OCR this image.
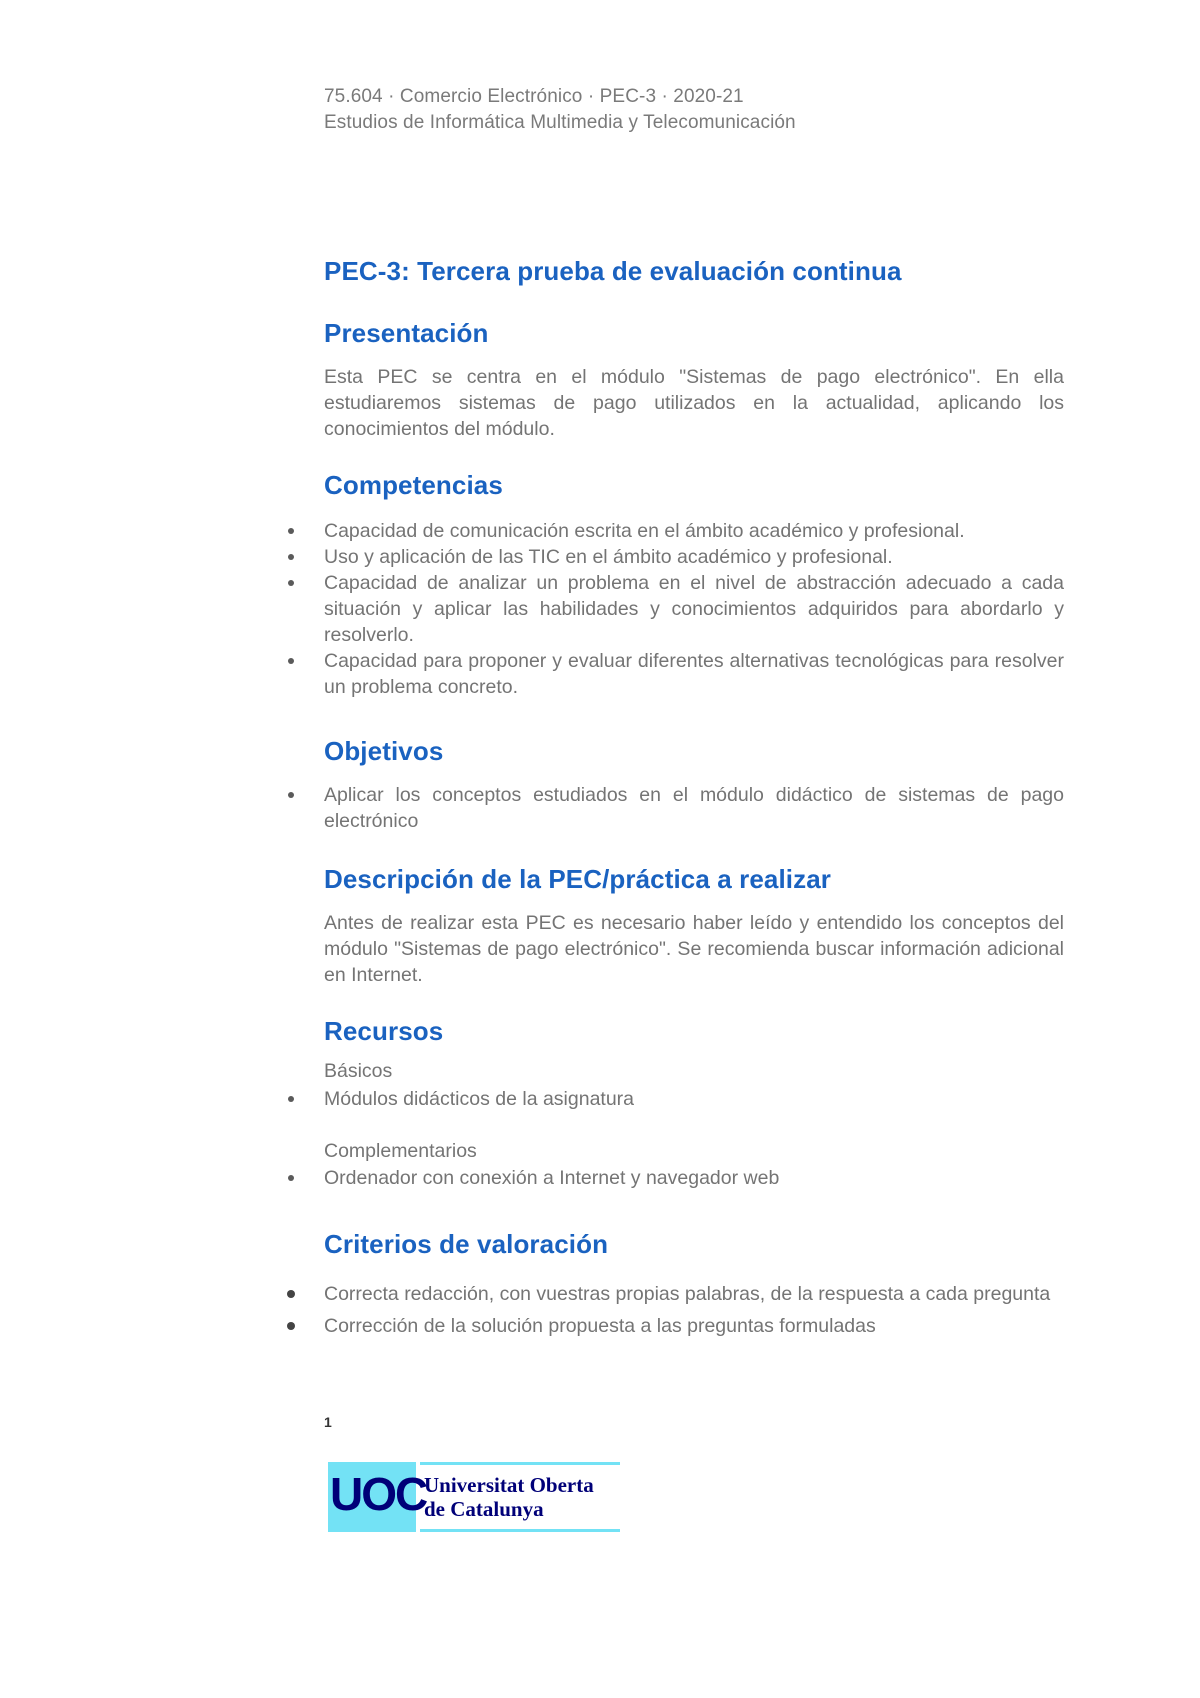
75.604 · Comercio Electrónico · PEC-3 · 2020-21
Estudios de Informática Multimedia y Telecomunicación
PEC-3: Tercera prueba de evaluación continua
Presentación
Esta PEC se centra en el módulo "Sistemas de pago electrónico". En ella estudiaremos sistemas de pago utilizados en la actualidad, aplicando los conocimientos del módulo.
Competencias
Capacidad de comunicación escrita en el ámbito académico y profesional.
Uso y aplicación de las TIC en el ámbito académico y profesional.
Capacidad de analizar un problema en el nivel de abstracción adecuado a cada situación y aplicar las habilidades y conocimientos adquiridos para abordarlo y resolverlo.
Capacidad para proponer y evaluar diferentes alternativas tecnológicas para resolver un problema concreto.
Objetivos
Aplicar los conceptos estudiados en el módulo didáctico de sistemas de pago electrónico
Descripción de la PEC/práctica a realizar
Antes de realizar esta PEC es necesario haber leído y entendido los conceptos del módulo "Sistemas de pago electrónico". Se recomienda buscar información adicional en Internet.
Recursos
Básicos
Módulos didácticos de la asignatura
Complementarios
Ordenador con conexión a Internet y navegador web
Criterios de valoración
Correcta redacción, con vuestras propias palabras, de la respuesta a cada pregunta
Corrección de la solución propuesta a las preguntas formuladas
1
UOC
Universitat Oberta
de Catalunya
